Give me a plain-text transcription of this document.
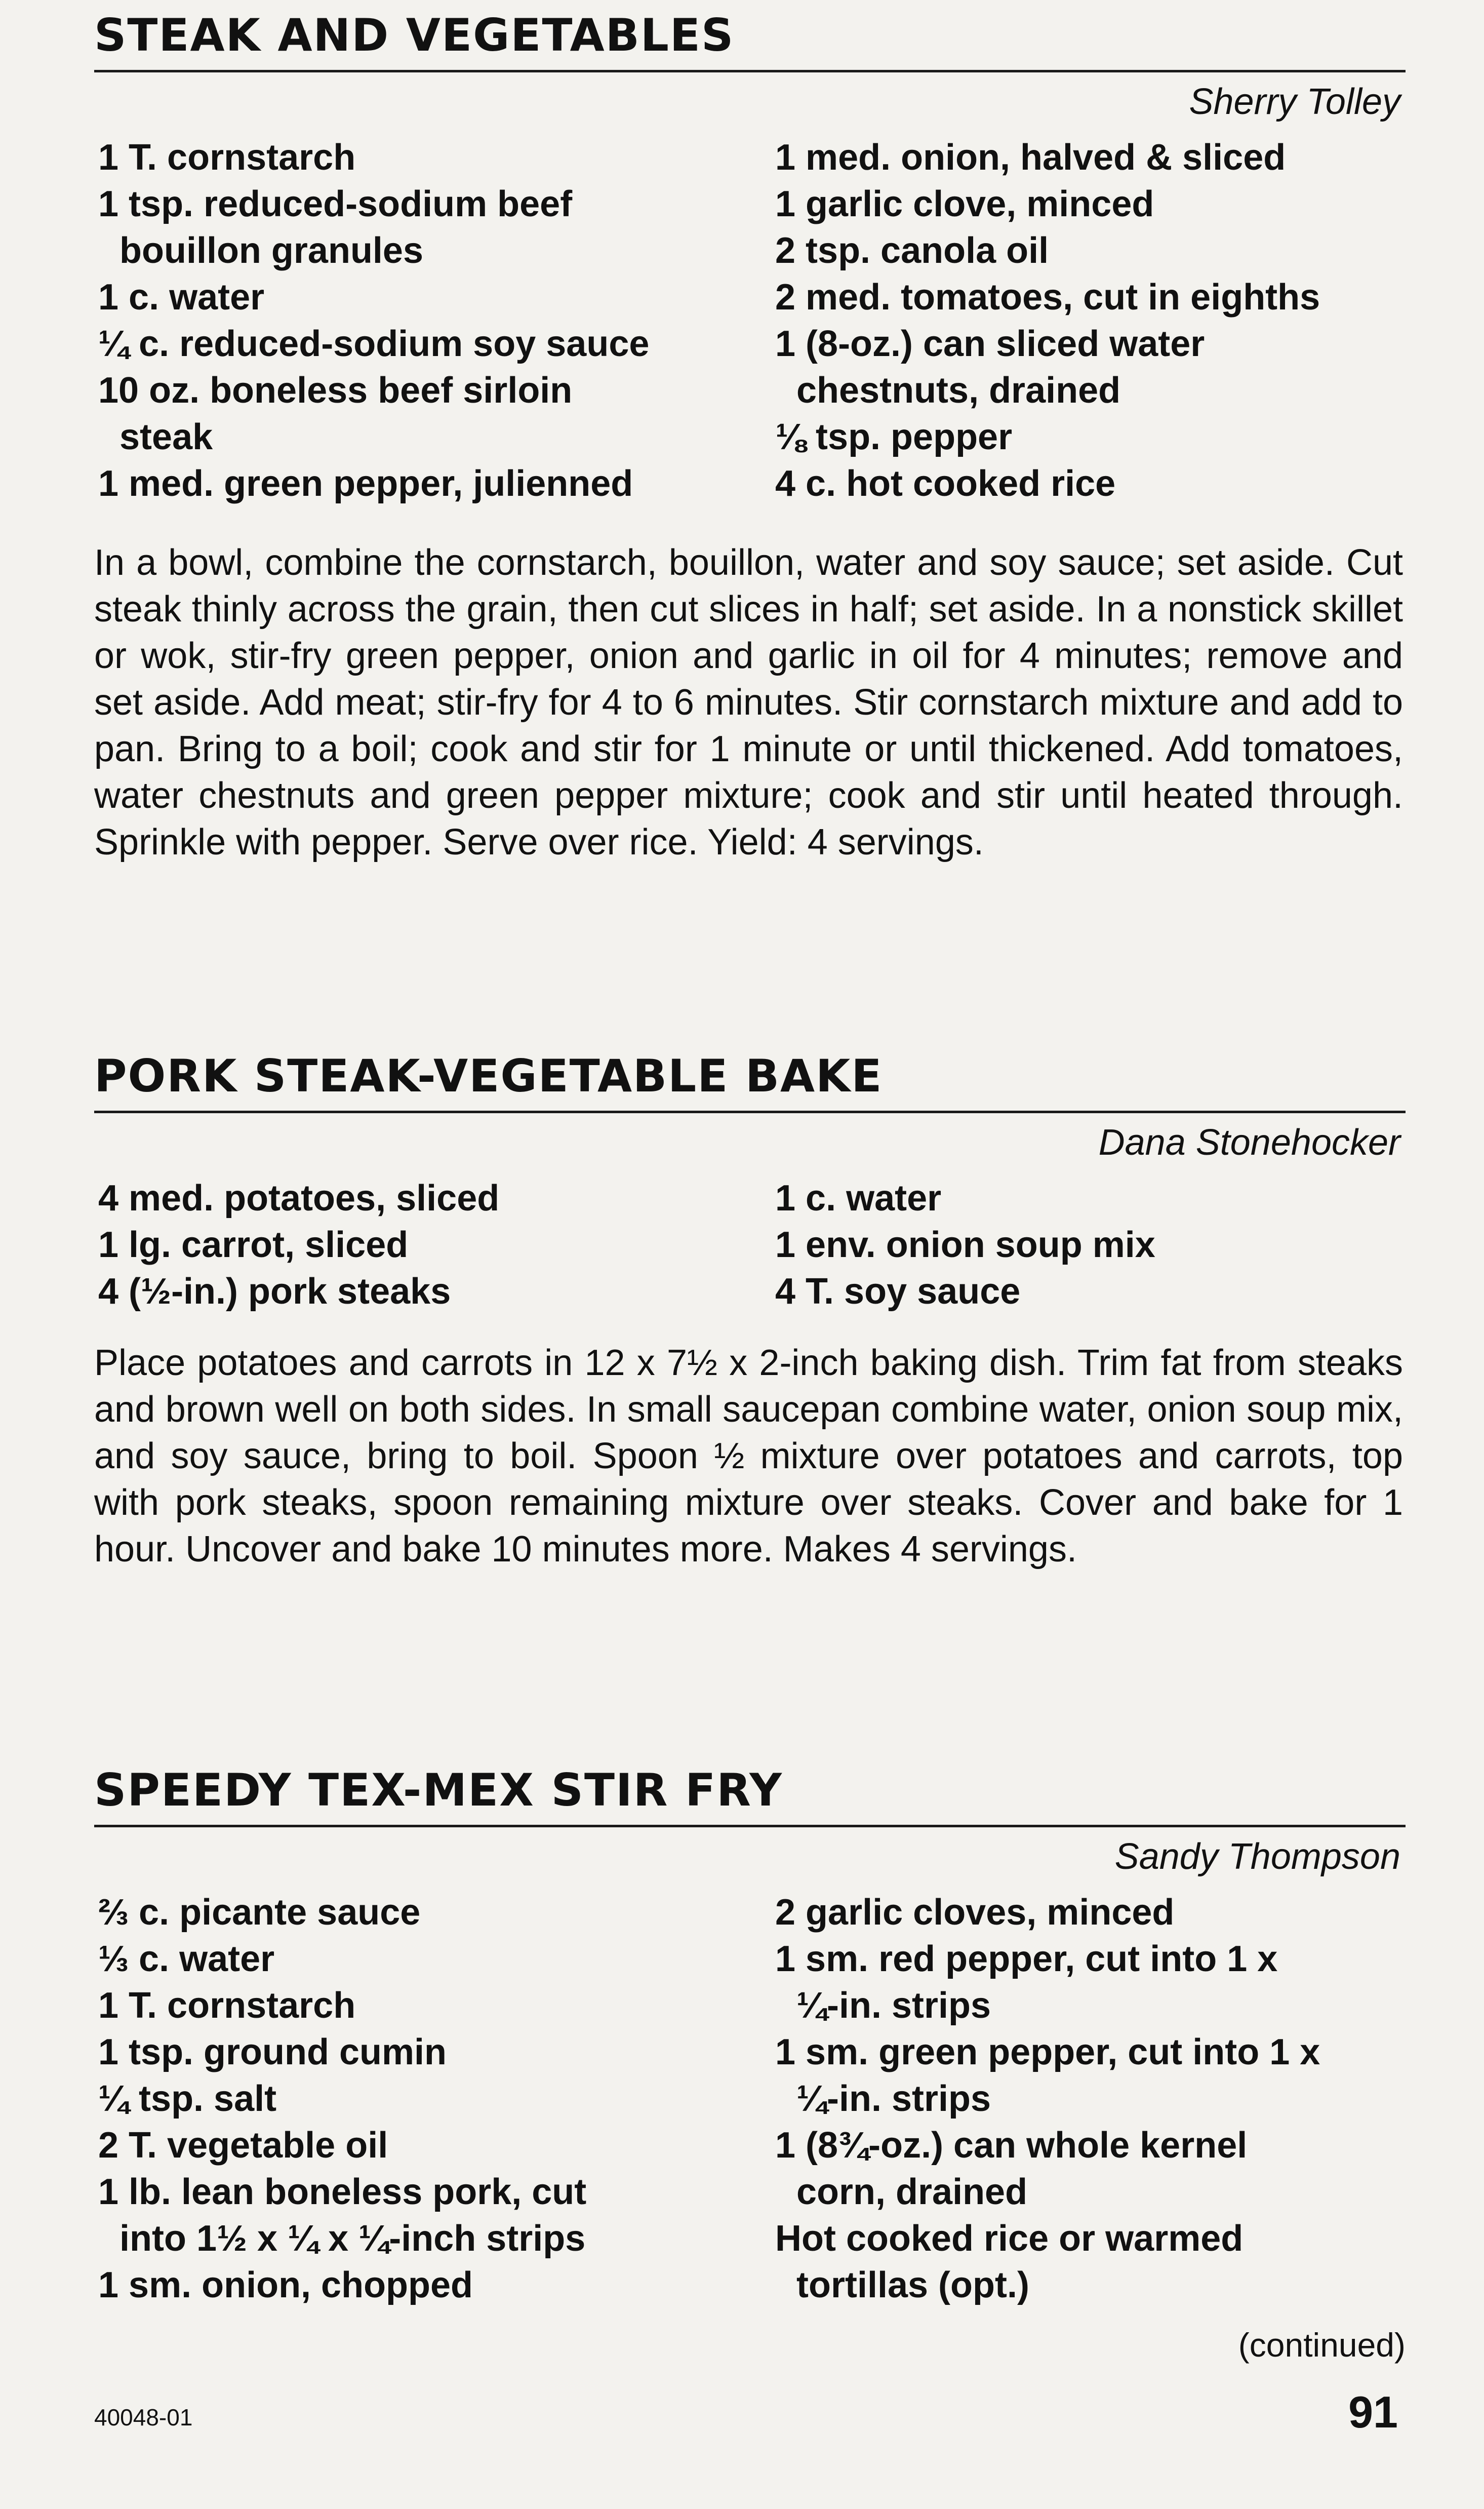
STEAK AND VEGETABLES
Sherry Tolley
1 T. cornstarch
1 tsp. reduced-sodium beef
bouillon granules
1 c. water
¼ c. reduced-sodium soy sauce
10 oz. boneless beef sirloin
steak
1 med. green pepper, julienned
1 med. onion, halved & sliced
1 garlic clove, minced
2 tsp. canola oil
2 med. tomatoes, cut in eighths
1 (8-oz.) can sliced water
chestnuts, drained
⅛ tsp. pepper
4 c. hot cooked rice
In a bowl, combine the cornstarch, bouillon, water and soy sauce; set aside. Cut steak thinly across the grain, then cut slices in half; set aside. In a nonstick skillet or wok, stir-fry green pepper, onion and garlic in oil for 4 minutes; remove and set aside. Add meat; stir-fry for 4 to 6 minutes. Stir cornstarch mixture and add to pan. Bring to a boil; cook and stir for 1 minute or until thickened. Add tomatoes, water chestnuts and green pepper mixture; cook and stir until heated through. Sprinkle with pepper. Serve over rice. Yield: 4 servings.
PORK STEAK-VEGETABLE BAKE
Dana Stonehocker
4 med. potatoes, sliced
1 lg. carrot, sliced
4 (½-in.) pork steaks
1 c. water
1 env. onion soup mix
4 T. soy sauce
Place potatoes and carrots in 12 x 7½ x 2-inch baking dish. Trim fat from steaks and brown well on both sides. In small saucepan combine water, onion soup mix, and soy sauce, bring to boil. Spoon ½ mixture over potatoes and carrots, top with pork steaks, spoon remaining mixture over steaks. Cover and bake for 1 hour. Uncover and bake 10 minutes more. Makes 4 servings.
SPEEDY TEX-MEX STIR FRY
Sandy Thompson
⅔ c. picante sauce
⅓ c. water
1 T. cornstarch
1 tsp. ground cumin
¼ tsp. salt
2 T. vegetable oil
1 lb. lean boneless pork, cut
into 1½ x ¼ x ¼-inch strips
1 sm. onion, chopped
2 garlic cloves, minced
1 sm. red pepper, cut into 1 x
¼-in. strips
1 sm. green pepper, cut into 1 x
¼-in. strips
1 (8¾-oz.) can whole kernel
corn, drained
Hot cooked rice or warmed
tortillas (opt.)
(continued)
40048-01	91
